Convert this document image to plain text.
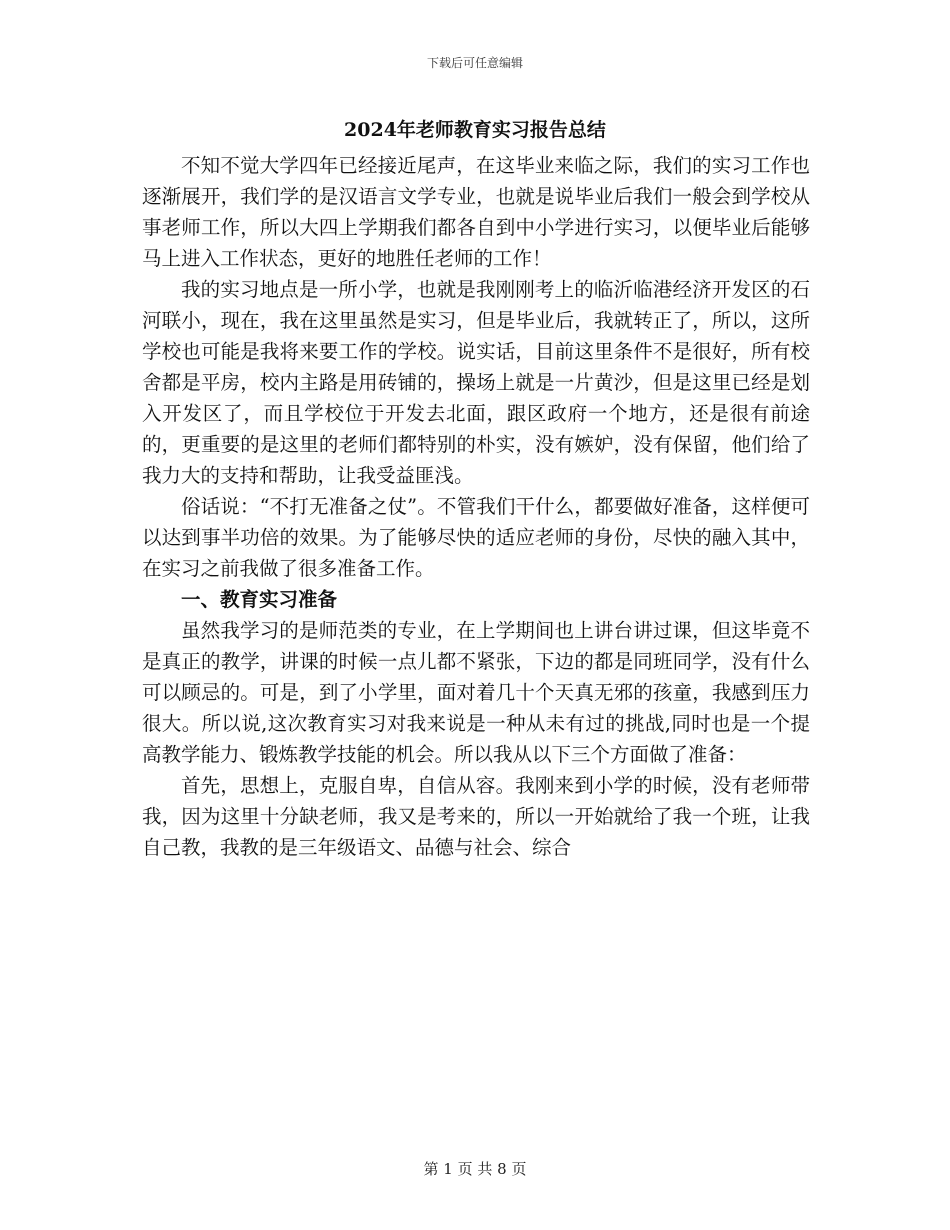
下载后可任意编辑
2024年老师教育实习报告总结

不知不觉大学四年已经接近尾声，在这毕业来临之际，我们的实习工作也逐渐展开，我们学的是汉语言文学专业，也就是说毕业后我们一般会到学校从事老师工作，所以大四上学期我们都各自到中小学进行实习，以便毕业后能够马上进入工作状态，更好的地胜任老师的工作！

我的实习地点是一所小学，也就是我刚刚考上的临沂临港经济开发区的石河联小，现在，我在这里虽然是实习，但是毕业后，我就转正了，所以，这所学校也可能是我将来要工作的学校。说实话，目前这里条件不是很好，所有校舍都是平房，校内主路是用砖铺的，操场上就是一片黄沙，但是这里已经是划入开发区了，而且学校位于开发去北面，跟区政府一个地方，还是很有前途的，更重要的是这里的老师们都特别的朴实，没有嫉妒，没有保留，他们给了我力大的支持和帮助，让我受益匪浅。

俗话说：“不打无准备之仗”。不管我们干什么，都要做好准备，这样便可以达到事半功倍的效果。为了能够尽快的适应老师的身份，尽快的融入其中，在实习之前我做了很多准备工作。

一、教育实习准备

虽然我学习的是师范类的专业，在上学期间也上讲台讲过课，但这毕竟不是真正的教学，讲课的时候一点儿都不紧张，下边的都是同班同学，没有什么可以顾忌的。可是，到了小学里，面对着几十个天真无邪的孩童，我感到压力很大。所以说,这次教育实习对我来说是一种从未有过的挑战,同时也是一个提高教学能力、锻炼教学技能的机会。所以我从以下三个方面做了准备：

首先，思想上，克服自卑，自信从容。我刚来到小学的时候，没有老师带我，因为这里十分缺老师，我又是考来的，所以一开始就给了我一个班，让我自己教，我教的是三年级语文、品德与社会、综合

第 1 页 共 8 页
